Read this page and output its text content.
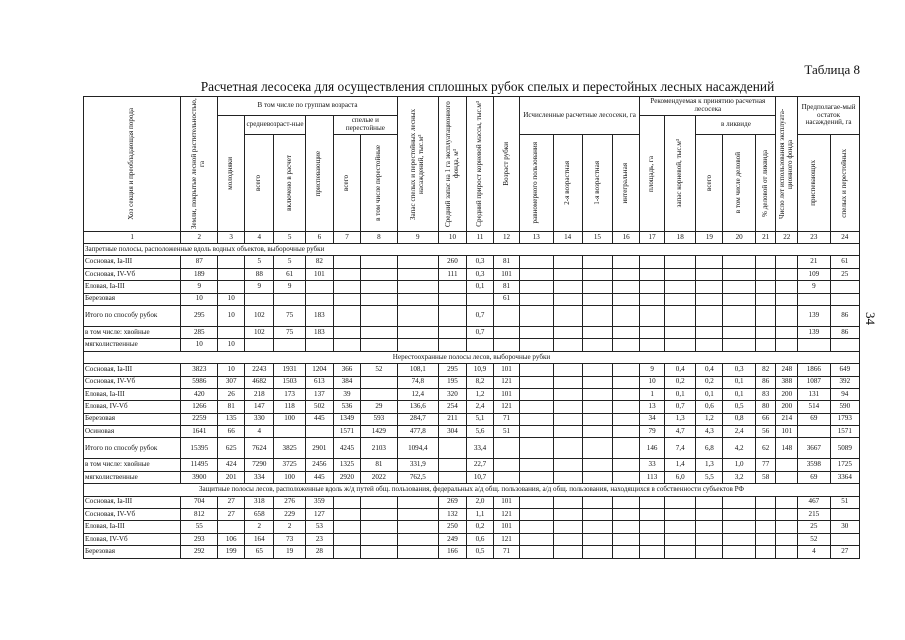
Таблица 8
Расчетная лесосека для осуществления сплошных рубок спелых и перестойных лесных насаждений
34
Хоз секция и преобладающая порода	Земли, покрытые лесной растительностью, га	В том числе по группам возраста						Запас спелых и перестойных лесных насаждений, тыс.м³	Средний запас на 1 га эксплуатационного фонда, м³	Средний прирост корневой массы, тыс.м³	Возраст рубки	Исчисленные расчетные лесосеки, га				Рекомендуемая к принятию расчетная лесосека					Число лет использования эксплуата- ционного фонда	Предполагае-мый остаток насаждений, га	

		молодняки	средневозраст-ные		приспевающие	спелые и перестойные										площадь, га	запас корневой, тыс.м³	в ликвиде					

			всего	включено в расчет		всего	в том числе перестойные					равномерного пользования	2-я возрастная	1-я возрастная	интегральная			всего	в том числе деловой	% деловой от ликвида		приспевающих	спелых и перестойных

1	2	3	4	5	6	7	8	9	10	11	12	13	14	15	16	17	18	19	20	21	22	23	24
Запретные полосы, расположенные вдоль водных объектов, выборочные рубки																							
Сосновая, Ia-III	87		5	5	82				260	0,3	81											21	61
Сосновая, IV-Vб	189		88	61	101				111	0,3	101											109	25
Еловая, Ia-III	9		9	9						0,1	81											9	
Березовая	10	10									61												
Итого по способу рубок	295	10	102	75	183					0,7												139	86
в том числе: хвойные	285		102	75	183					0,7												139	86
мягколиственные	10	10																					
Нерестоохранные полосы лесов, выборочные рубки																							
Сосновая, Ia-III	3823	10	2243	1931	1204	366	52	108,1	295	10,9	101					9	0,4	0,4	0,3	82	248	1866	649
Сосновая, IV-Vб	5986	307	4682	1503	613	384		74,8	195	8,2	121					10	0,2	0,2	0,1	86	388	1087	392
Еловая, Ia-III	420	26	218	173	137	39		12,4	320	1,2	101					1	0,1	0,1	0,1	83	200	131	94
Еловая, IV-Vб	1266	81	147	118	502	536	29	136,6	254	2,4	121					13	0,7	0,6	0,5	80	200	514	590
Березовая	2259	135	330	100	445	1349	593	284,7	211	5,1	71					34	1,3	1,2	0,8	66	214	69	1793
Осиновая	1641	66	4			1571	1429	477,8	304	5,6	51					79	4,7	4,3	2,4	56	101		1571
Итого по способу рубок	15395	625	7624	3825	2901	4245	2103	1094,4		33,4						146	7,4	6,8	4,2	62	148	3667	5089
в том числе: хвойные	11495	424	7290	3725	2456	1325	81	331,9		22,7						33	1,4	1,3	1,0	77		3598	1725
мягколиственные	3900	201	334	100	445	2920	2022	762,5		10,7						113	6,0	5,5	3,2	58		69	3364
Защитные полосы лесов, расположенные вдоль ж/д путей общ. пользования, федеральных а/д общ. пользования, а/д общ. пользования, находящихся в собственности субъектов РФ																							
Сосновая, Ia-III	704	27	318	276	359				269	2,0	101											467	51
Сосновая, IV-Vб	812	27	658	229	127				132	1,1	121											215	
Еловая, Ia-III	55		2	2	53				250	0,2	101											25	30
Еловая, IV-Vб	293	106	164	73	23				249	0,6	121											52	
Березовая	292	199	65	19	28				166	0,5	71											4	27
